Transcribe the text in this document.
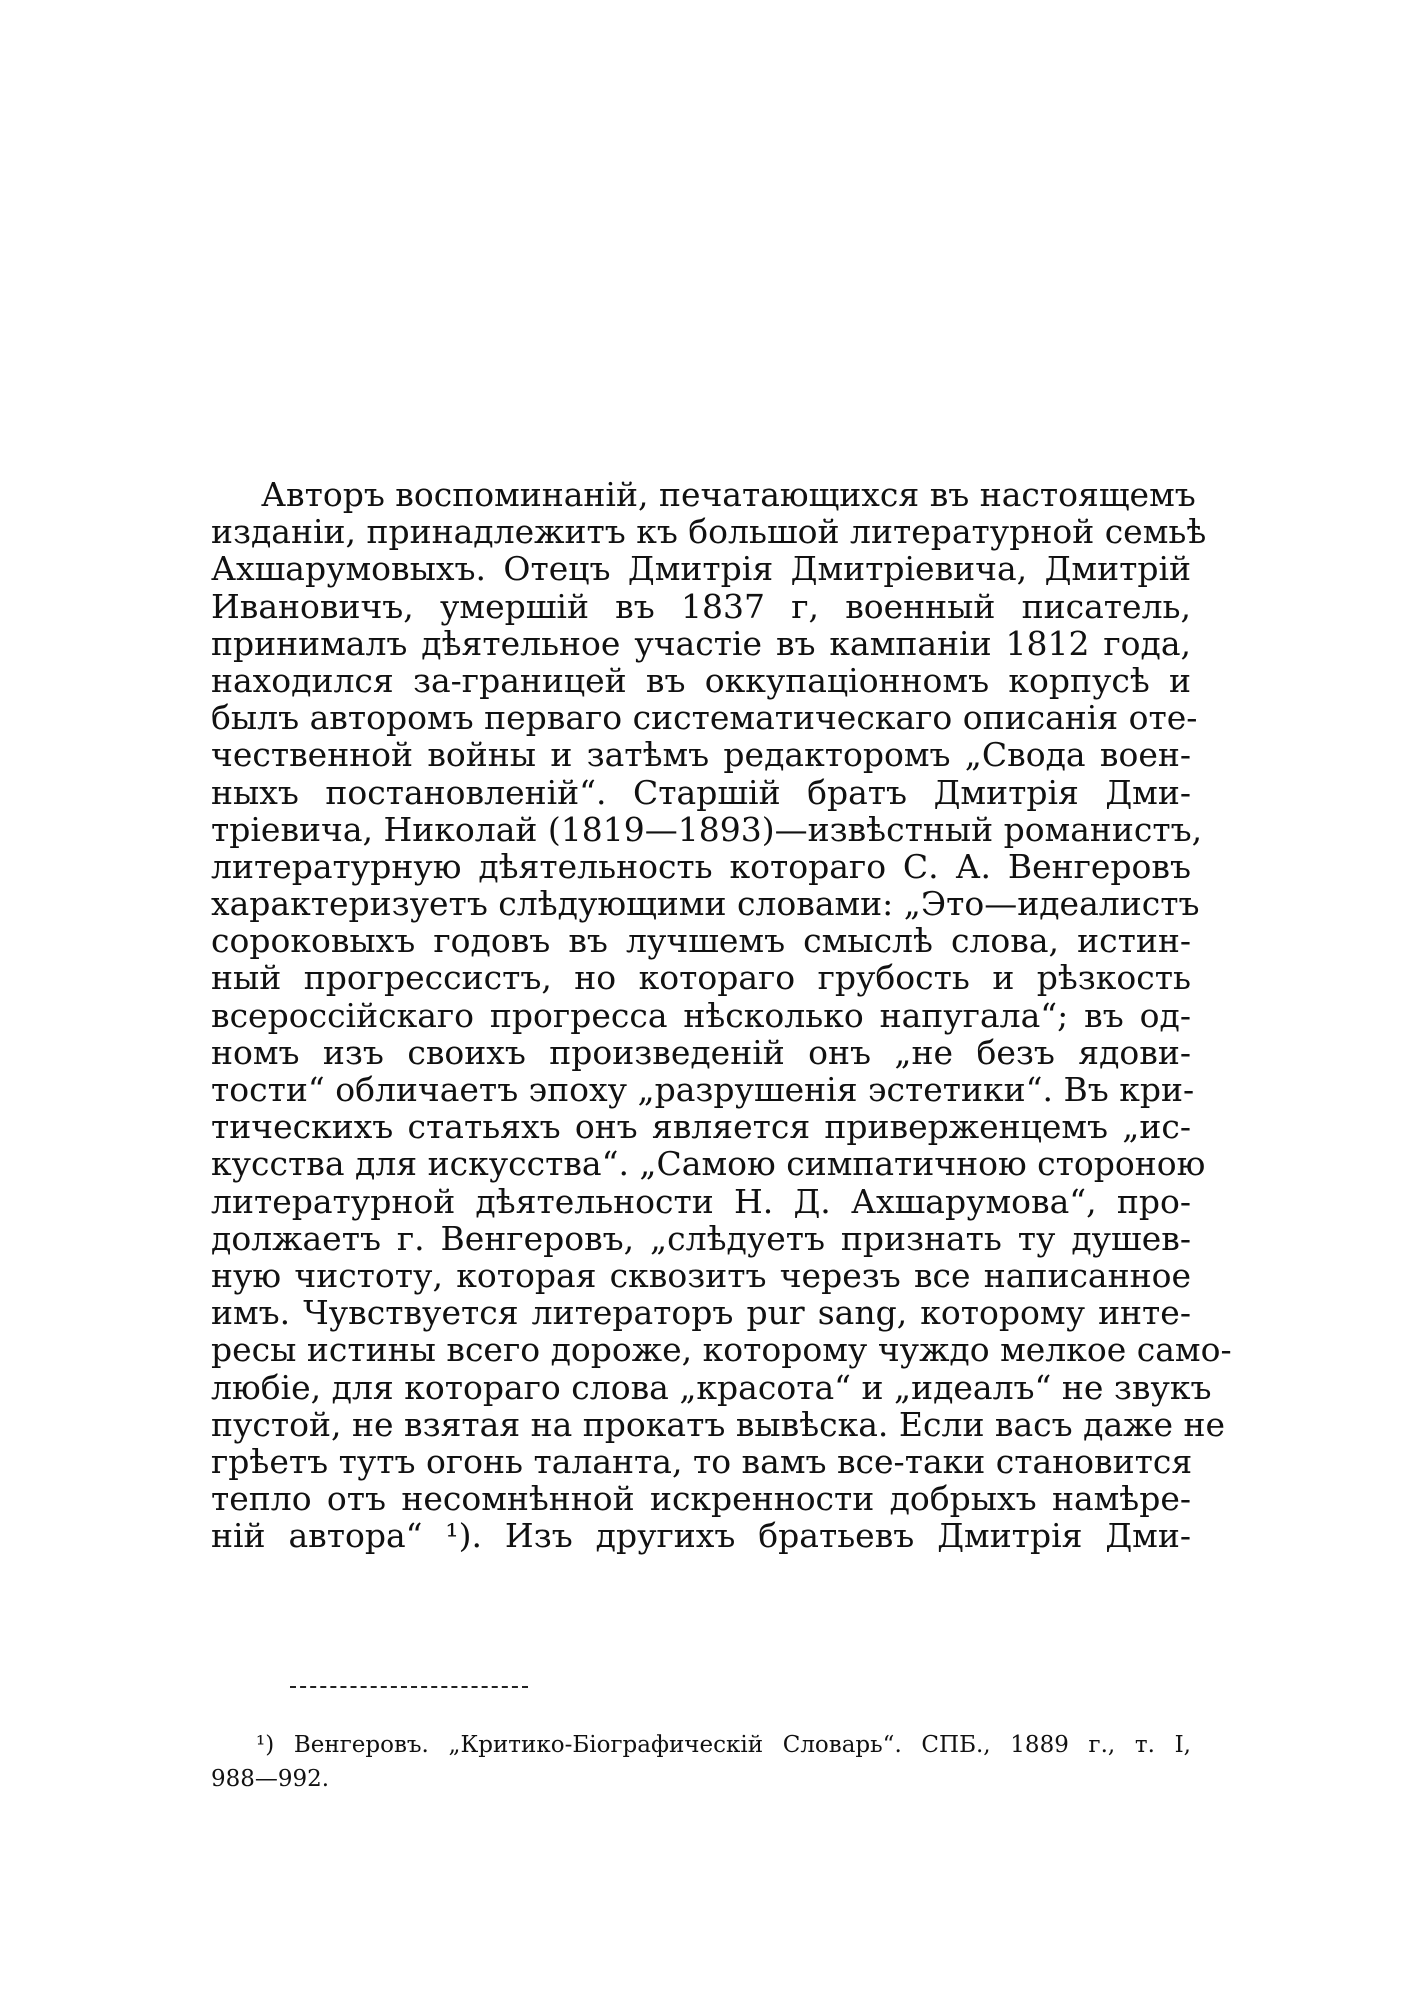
Авторъ воспоминаній, печатающихся въ настоящемъ
изданіи, принадлежитъ къ большой литературной семьѣ
Ахшарумовыхъ. Отецъ Дмитрія Дмитріевича, Дмитрій
Ивановичъ, умершій въ 1837 г, военный писатель,
принималъ дѣятельное участіе въ кампаніи 1812 года,
находился за-границей въ оккупаціонномъ корпусѣ и
былъ авторомъ перваго систематическаго описанія оте-
чественной войны и затѣмъ редакторомъ „Свода воен-
ныхъ постановленій“. Старшій братъ Дмитрія Дми-
тріевича, Николай (1819—1893)—извѣстный романистъ,
литературную дѣятельность котораго С. А. Венгеровъ
характеризуетъ слѣдующими словами: „Это—идеалистъ
сороковыхъ годовъ въ лучшемъ смыслѣ слова, истин-
ный прогрессистъ, но котораго грубость и рѣзкость
всероссійскаго прогресса нѣсколько напугала“; въ од-
номъ изъ своихъ произведеній онъ „не безъ ядови-
тости“ обличаетъ эпоху „разрушенія эстетики“. Въ кри-
тическихъ статьяхъ онъ является приверженцемъ „ис-
кусства для искусства“. „Самою симпатичною стороною
литературной дѣятельности Н. Д. Ахшарумова“, про-
должаетъ г. Венгеровъ, „слѣдуетъ признать ту душев-
ную чистоту, которая сквозитъ черезъ все написанное
имъ. Чувствуется литераторъ pur sang, которому инте-
ресы истины всего дороже, которому чуждо мелкое само-
любіе, для котораго слова „красота“ и „идеалъ“ не звукъ
пустой, не взятая на прокатъ вывѣска. Если васъ даже не
грѣетъ тутъ огонь таланта, то вамъ все-таки становится
тепло отъ несомнѣнной искренности добрыхъ намѣре-
ній автора“ ¹). Изъ другихъ братьевъ Дмитрія Дми-
¹) Венгеровъ. „Критико-Біографическій Словарь“. СПБ., 1889 г., т. I,
988—992.
